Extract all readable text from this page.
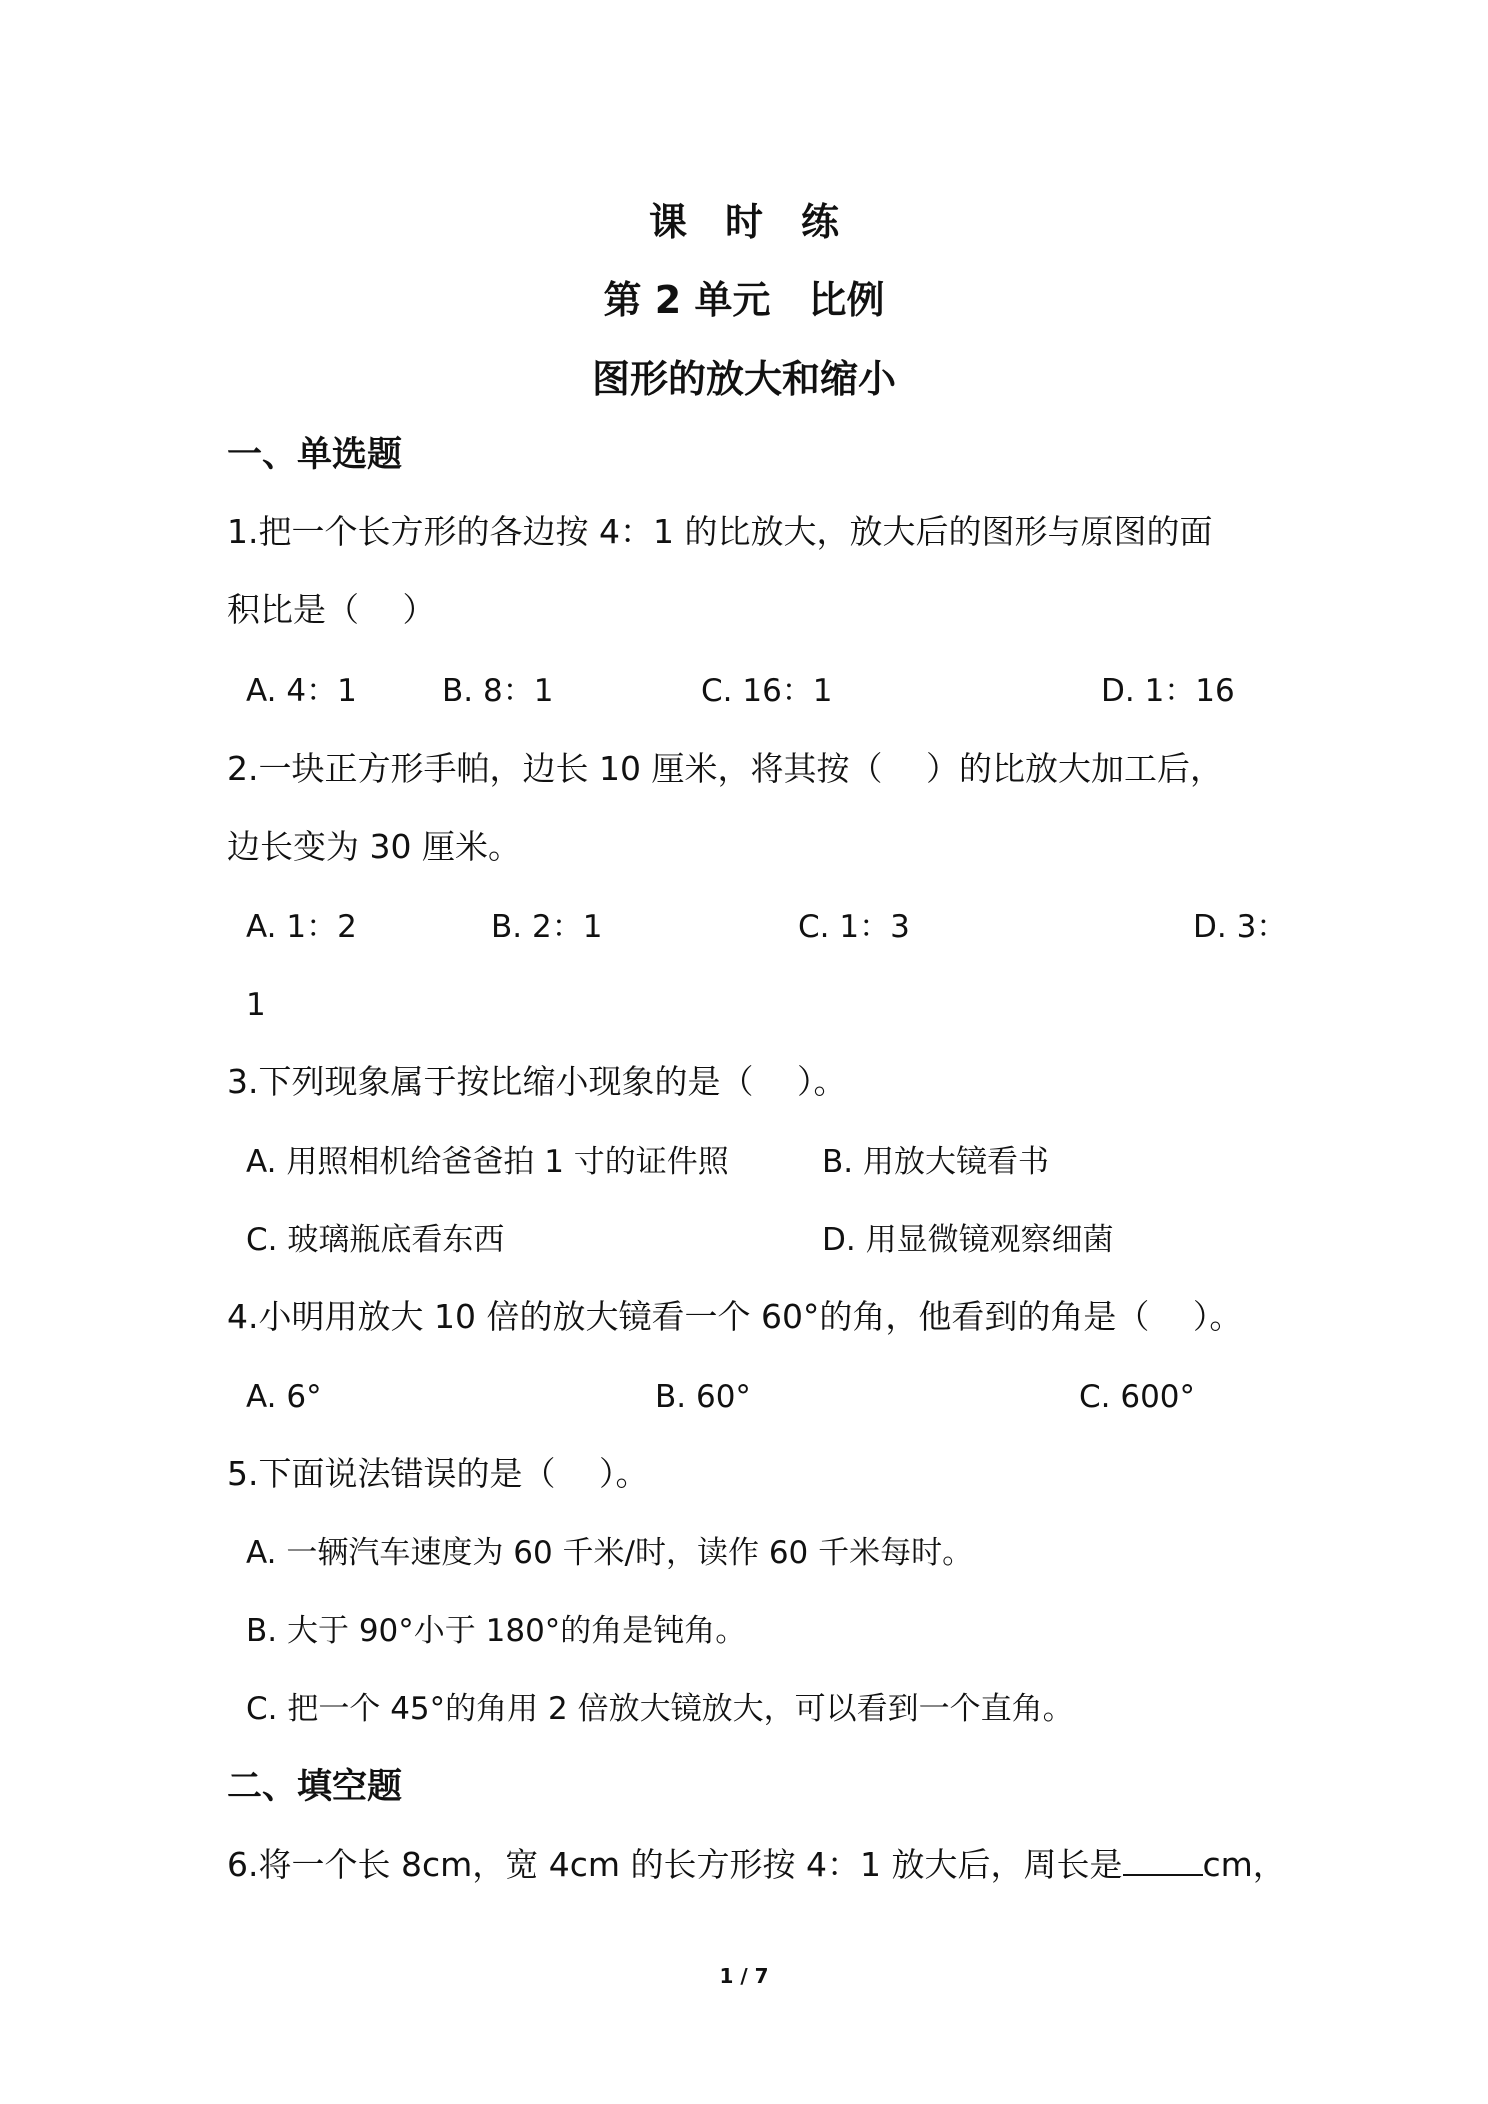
课　时　练
第 2 单元　比例
图形的放大和缩小
一、单选题
1.把一个长方形的各边按 4：1 的比放大，放大后的图形与原图的面
积比是（　 ）
A. 4：1	B. 8：1	C. 16：1	D. 1：16
2.一块正方形手帕，边长 10 厘米，将其按（　 ）的比放大加工后，
边长变为 30 厘米。
A. 1：2	B. 2：1	C. 1：3	D. 3：
1
3.下列现象属于按比缩小现象的是（　 ）。
A. 用照相机给爸爸拍 1 寸的证件照	B. 用放大镜看书
C. 玻璃瓶底看东西	D. 用显微镜观察细菌
4.小明用放大 10 倍的放大镜看一个 60°的角，他看到的角是（　 ）。
A. 6°	B. 60°	C. 600°
5.下面说法错误的是（　 ）。
A. 一辆汽车速度为 60 千米/时，读作 60 千米每时。
B. 大于 90°小于 180°的角是钝角。
C. 把一个 45°的角用 2 倍放大镜放大，可以看到一个直角。
二、填空题
6.将一个长 8cm，宽 4cm 的长方形按 4：1 放大后，周长是 cm，
1 / 7
